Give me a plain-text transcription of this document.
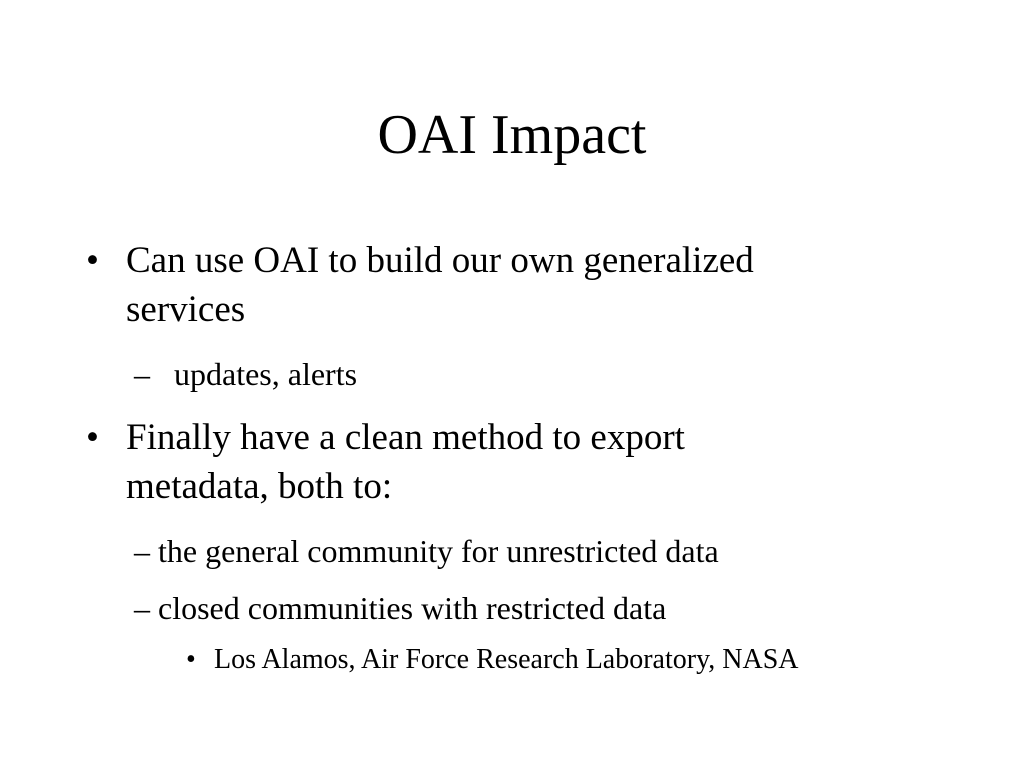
OAI Impact
• Can use OAI to build our own generalized
services
– updates, alerts
• Finally have a clean method to export
metadata, both to:
– the general community for unrestricted data
– closed communities with restricted data
• Los Alamos, Air Force Research Laboratory, NASA
